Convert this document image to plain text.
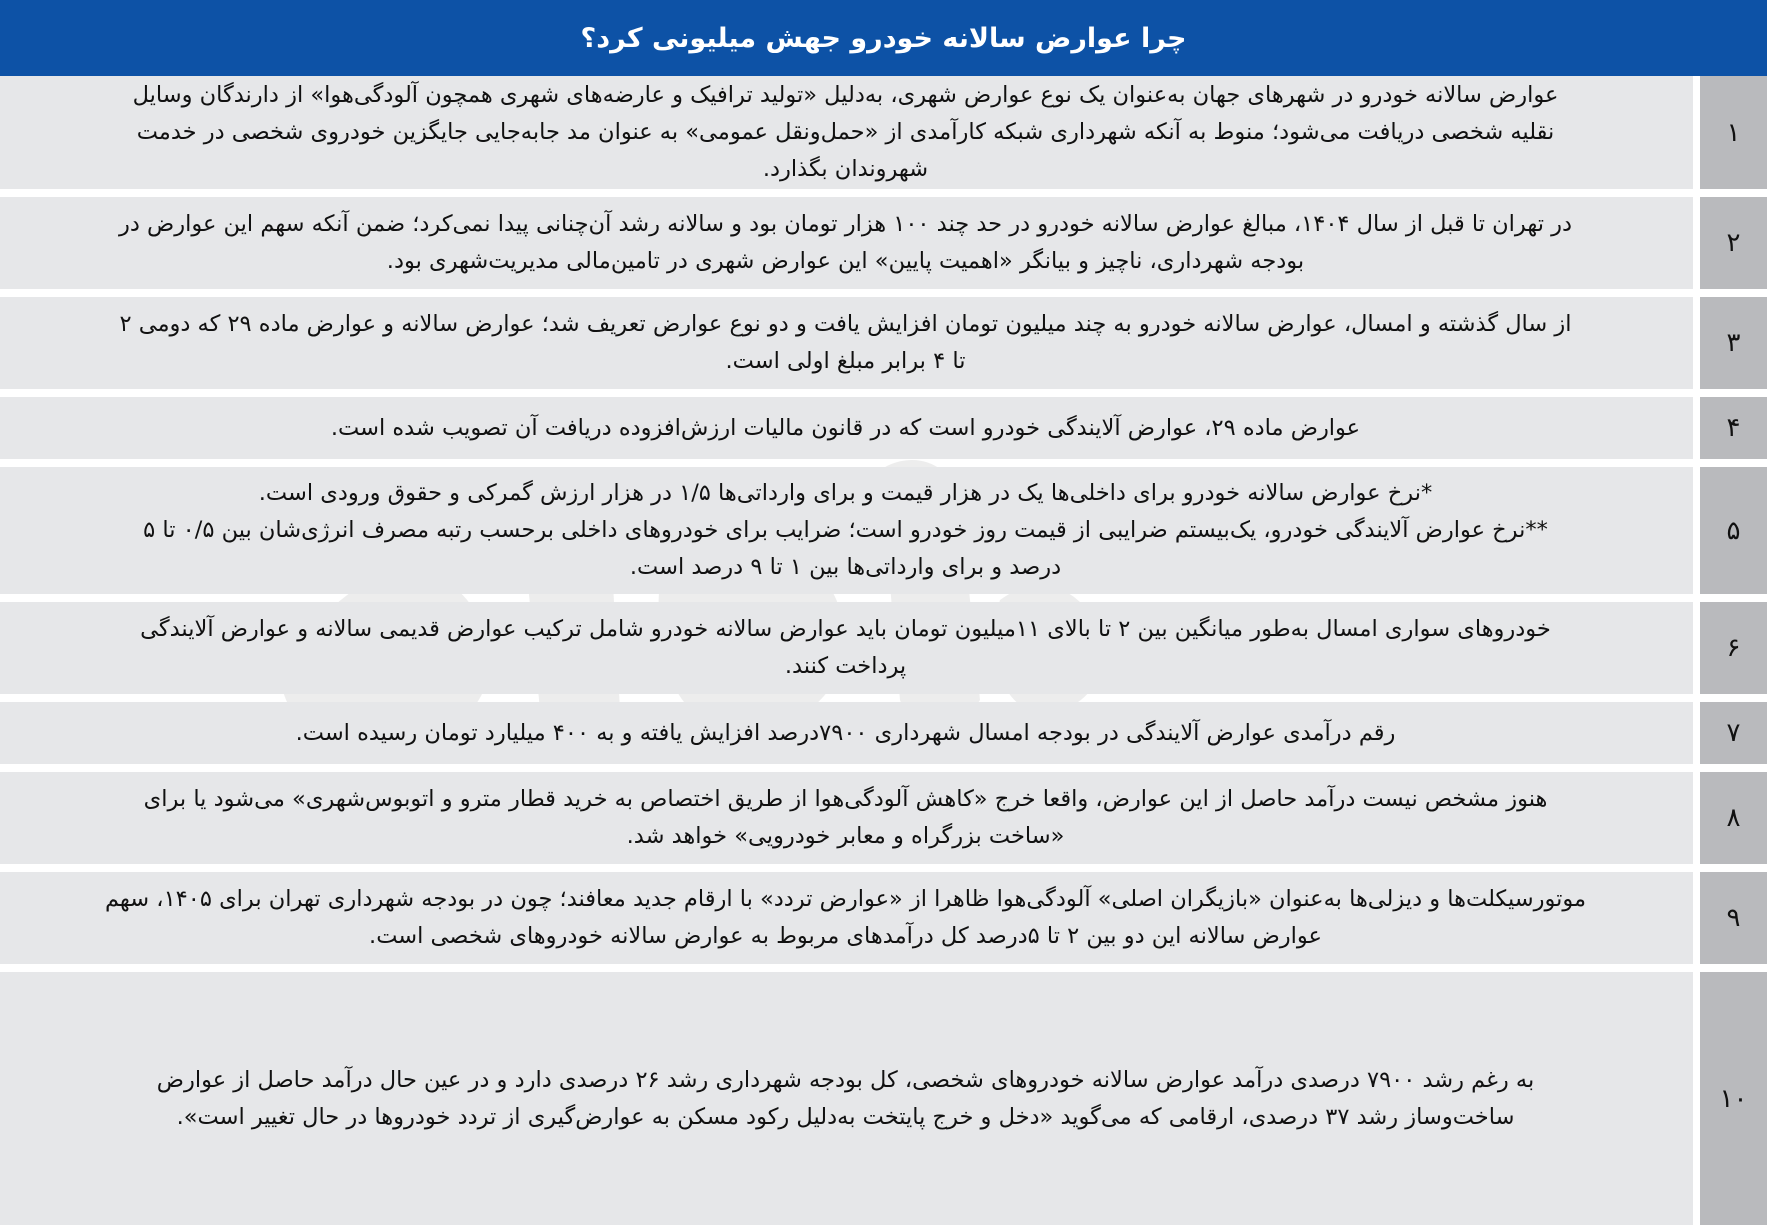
چرا عوارض سالانه خودرو جهش میلیونی کرد؟
عوارض سالانه خودرو در شهرهای جهان به‌عنوان یک نوع عوارض شهری، به‌دلیل «تولید ترافیک و عارضه‌های شهری همچون آلودگی‌هوا» از دارندگان وسایل
نقلیه شخصی دریافت می‌شود؛ منوط به آنکه شهرداری شبکه کارآمدی از «حمل‌ونقل عمومی» به عنوان مد جابه‌جایی جایگزین خودروی شخصی در خدمت
شهروندان بگذارد.
۱
در تهران تا قبل از سال ۱۴۰۴، مبالغ عوارض سالانه خودرو در حد چند ۱۰۰ هزار تومان بود و سالانه رشد آن‌چنانی پیدا نمی‌کرد؛ ضمن آنکه سهم این عوارض در
بودجه شهرداری، ناچیز و بیانگر «اهمیت پایین» این عوارض شهری در تامین‌مالی مدیریت‌شهری بود.
۲
از سال گذشته و امسال، عوارض سالانه خودرو به چند میلیون تومان افزایش یافت و دو نوع عوارض تعریف شد؛ عوارض سالانه و عوارض ماده ۲۹ که دومی ۲
تا ۴ برابر مبلغ اولی است.
۳
عوارض ماده ۲۹، عوارض آلایندگی خودرو است که در قانون مالیات ارزش‌افزوده دریافت آن تصویب شده است.	۴
*نرخ عوارض سالانه خودرو برای داخلی‌ها یک در هزار قیمت و برای وارداتی‌ها ۱/۵ در هزار ارزش گمرکی و حقوق ورودی است.
**نرخ عوارض آلایندگی خودرو، یک‌بیستم ضرایبی از قیمت روز خودرو است؛ ضرایب برای خودروهای داخلی برحسب رتبه مصرف انرژی‌شان بین ۰/۵ تا ۵
درصد و برای وارداتی‌ها بین ۱ تا ۹ درصد است.
۵
خودروهای سواری امسال به‌طور میانگین بین ۲ تا بالای ۱۱میلیون تومان باید عوارض سالانه خودرو شامل ترکیب عوارض قدیمی سالانه و عوارض آلایندگی
پرداخت کنند.
۶
رقم درآمدی عوارض آلایندگی در بودجه امسال شهرداری ۷۹۰۰درصد افزایش یافته و به ۴۰۰ میلیارد تومان رسیده است.	۷
هنوز مشخص نیست درآمد حاصل از این عوارض، واقعا خرج «کاهش آلودگی‌هوا از طریق اختصاص به خرید قطار مترو و اتوبوس‌شهری» می‌شود یا برای
«ساخت بزرگراه و معابر خودرویی» خواهد شد.
۸
موتورسیکلت‌ها و دیزلی‌ها به‌عنوان «بازیگران اصلی» آلودگی‌هوا ظاهرا از «عوارض تردد» با ارقام جدید معافند؛ چون در بودجه شهرداری تهران برای ۱۴۰۵، سهم
عوارض سالانه این دو بین ۲ تا ۵درصد کل درآمدهای مربوط به عوارض سالانه خودروهای شخصی است.
۹
به رغم رشد ۷۹۰۰ درصدی درآمد عوارض سالانه خودروهای شخصی، کل بودجه شهرداری رشد ۲۶ درصدی دارد و در عین حال درآمد حاصل از عوارض
ساخت‌وساز رشد ۳۷ درصدی، ارقامی که می‌گوید «دخل و خرج پایتخت به‌دلیل رکود مسکن به عوارض‌گیری از تردد خودروها در حال تغییر است».
۱۰
